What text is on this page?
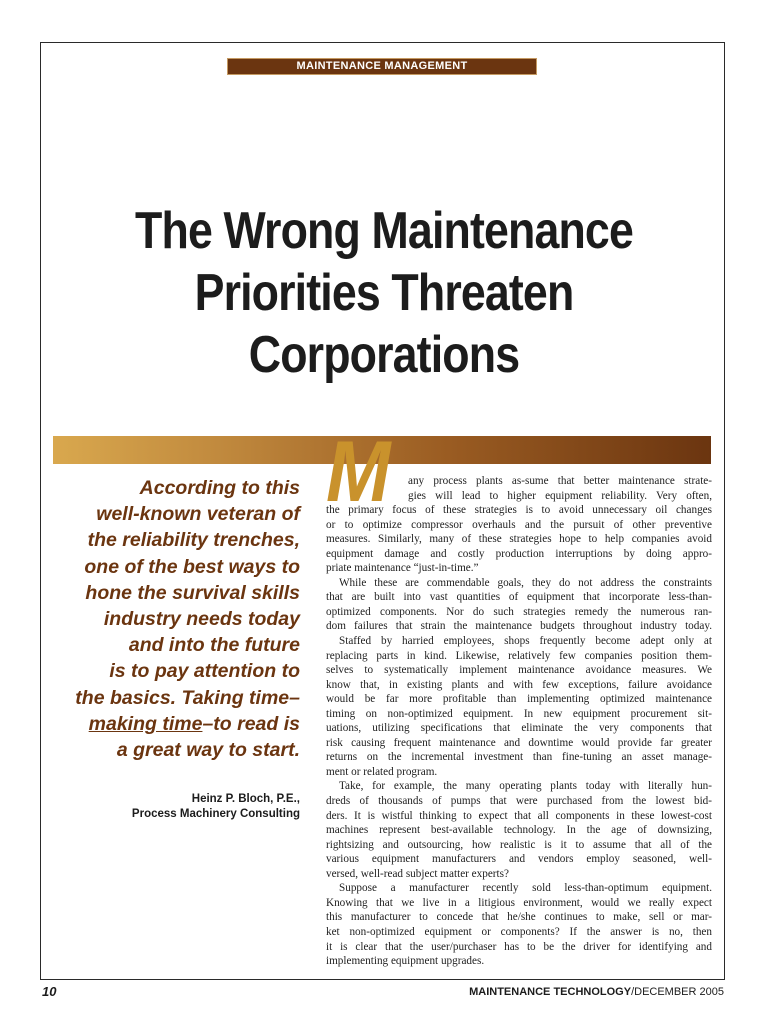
MAINTENANCE MANAGEMENT
The Wrong Maintenance
Priorities Threaten
Corporations
M
According to this
well-known veteran of
the reliability trenches,
one of the best ways to
hone the survival skills
industry needs today
and into the future
is to pay attention to
the basics. Taking time–
making time–to read is
a great way to start.
Heinz P. Bloch, P.E.,
Process Machinery Consulting
any process plants as-sume that better maintenance strate-
gies will lead to higher equipment reliability. Very often,
the primary focus of these strategies is to avoid unnecessary oil changes
or to optimize compressor overhauls and the pursuit of other preventive
measures. Similarly, many of these strategies hope to help companies avoid
equipment damage and costly production interruptions by doing appro-
priate maintenance “just-in-time.”
While these are commendable goals, they do not address the constraints
that are built into vast quantities of equipment that incorporate less-than-
optimized components. Nor do such strategies remedy the numerous ran-
dom failures that strain the maintenance budgets throughout industry today.
Staffed by harried employees, shops frequently become adept only at
replacing parts in kind. Likewise, relatively few companies position them-
selves to systematically implement maintenance avoidance measures. We
know that, in existing plants and with few exceptions, failure avoidance
would be far more profitable than implementing optimized maintenance
timing on non-optimized equipment. In new equipment procurement sit-
uations, utilizing specifications that eliminate the very components that
risk causing frequent maintenance and downtime would provide far greater
returns on the incremental investment than fine-tuning an asset manage-
ment or related program.
Take, for example, the many operating plants today with literally hun-
dreds of thousands of pumps that were purchased from the lowest bid-
ders. It is wistful thinking to expect that all components in these lowest-cost
machines represent best-available technology. In the age of downsizing,
rightsizing and outsourcing, how realistic is it to assume that all of the
various equipment manufacturers and vendors employ seasoned, well-
versed, well-read subject matter experts?
Suppose a manufacturer recently sold less-than-optimum equipment.
Knowing that we live in a litigious environment, would we really expect
this manufacturer to concede that he/she continues to make, sell or mar-
ket non-optimized equipment or components? If the answer is no, then
it is clear that the user/purchaser has to be the driver for identifying and
implementing equipment upgrades.
10	MAINTENANCE TECHNOLOGY/DECEMBER 2005
